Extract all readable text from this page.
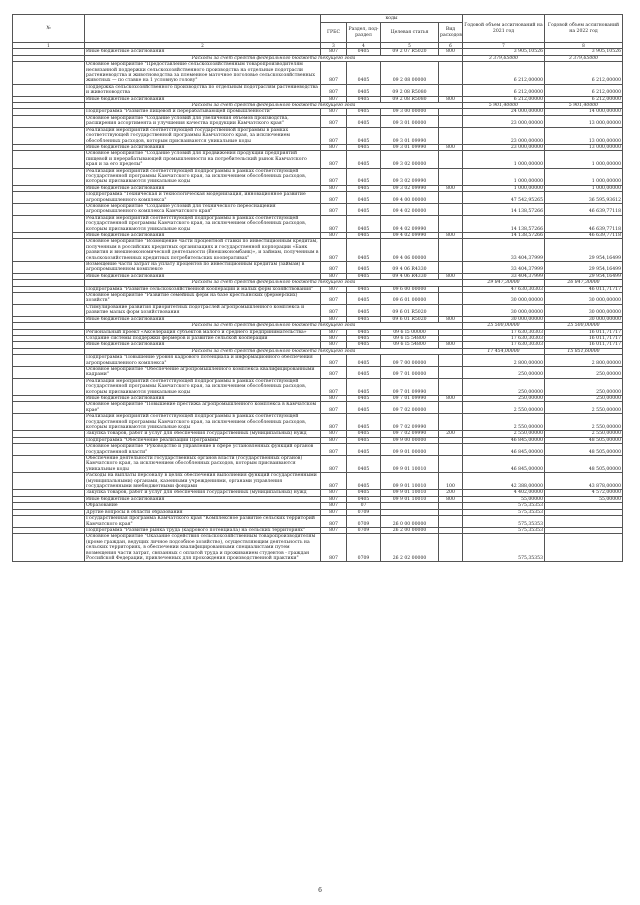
№		коды				Годовой объем ассигнований на 2021 год	Годовой объем ассигнований на 2022 год
		ГРБС	Раздел, под-раздел	Целевая статья	Вид расходов		
1	2	3	4	5	6	7	8
	Иные бюджетные ассигнования	807	0405	09 2 07 R5020	800	3 905,10526	3 905,10526
	Расходы за счет средств федерального бюджета текущего года					3 379,65000	3 379,65000
	Основное мероприятие "Предоставление сельскохозяйственным товаропроизводителям несвязанной поддержки сельскохозяйственного производства на отдельные подотрасли растениеводства и животноводства за племенное маточное поголовье сельскохозяйственных животных — по ставке на 1 условную голову"	807	0405	09 2 08 00000		6 212,00000	6 212,00000
	Поддержка сельскохозяйственного производства по отдельным подотраслям растениеводства и животноводства	807	0405	09 2 08 R5080		6 212,00000	6 212,00000
	Иные бюджетные ассигнования	807	0405	09 2 08 R5080	800	6 212,00000	6 212,00000
	Расходы за счет средств федерального бюджета текущего года					5 901,40000	5 901,40000
	Подпрограмма "Развитие пищевой и перерабатывающей промышленности"	807	0405	09 3 00 00000		24 000,00000	14 000,00000
	Основное мероприятие "Создание условий для увеличения объемов производства, расширения ассортимента и улучшения качества продукции Камчатского края"	807	0405	09 3 01 00000		23 000,00000	13 000,00000
	Реализация мероприятий соответствующей государственной программы в рамках соответствующей государственной программы Камчатского края, за исключением обособленных расходов, которым присваиваются уникальные коды	807	0405	09 3 01 09990		23 000,00000	13 000,00000
	Иные бюджетные ассигнования	807	0405	09 3 01 09990	800	23 000,00000	13 000,00000
	Основное мероприятие "Создание условий для продвижения продукции предприятий пищевой и перерабатывающей промышленности на потребительский рынок Камчатского края и за его пределы"	807	0405	09 3 02 00000		1 000,00000	1 000,00000
	Реализация мероприятий соответствующей подпрограммы в рамках соответствующей государственной программы Камчатского края, за исключением обособленных расходов, которым присваиваются уникальные коды	807	0405	09 3 02 09990		1 000,00000	1 000,00000
	Иные бюджетные ассигнования	807	0405	09 3 02 09990	800	1 000,00000	1 000,00000
	Подпрограмма "Техническая и технологическая модернизация, инновационное развитие агропромышленного комплекса"	807	0405	09 4 00 00000		47 542,95265	36 595,93612
	Основное мероприятие "Создание условий для технического переоснащения агропромышленного комплекса Камчатского края"	807	0405	09 4 02 00000		14 138,57266	46 639,77118
	Реализация мероприятий соответствующей подпрограммы в рамках соответствующей государственной программы Камчатского края, за исключением обособленных расходов, которым присваиваются уникальные коды	807	0405	09 4 02 09990		14 138,57266	46 639,77118
	Иные бюджетные ассигнования	807	0405	09 4 02 09990	800	14 138,57266	46 639,77118
	Основное мероприятие "Возмещение части процентной ставки по инвестиционным кредитам, полученным в российских кредитных организациях и государственной корпорации «Банк развития и внешнеэкономической деятельности (Внешэкономбанк)», и займам, полученным в сельскохозяйственных кредитных потребительских кооперативах"	807	0405	09 4 06 00000		33 404,37999	29 954,16499
	Возмещение части затрат на уплату процентов по инвестиционным кредитам (займам) в агропромышленном комплексе	807	0405	09 4 06 R4330		33 404,37999	29 954,16499
	Иные бюджетные ассигнования	807	0405	09 4 06 R4330	800	33 404,37999	29 954,16499
	Расходы за счет средств федерального бюджета текущего года					29 847,30000	26 847,30000
	Подпрограмма "Развитие сельскохозяйственной кооперации и малых форм хозяйствования"	807	0405	09 6 00 00000		47 630,30303	46 011,71717
	Основное мероприятие "Развитие семейных ферм на базе крестьянских (фермерских) хозяйств"	807	0405	09 6 01 00000		30 000,00000	30 000,00000
	Стимулирование развития приоритетных подотраслей агропромышленного комплекса и развитие малых форм хозяйствования	807	0405	09 6 01 R5020		30 000,00000	30 000,00000
	Иные бюджетные ассигнования	807	0405	09 6 01 R5020	800	30 000,00000	30 000,00000
	Расходы за счет средств федерального бюджета текущего года					25 500,00000	25 500,00000
	Региональный проект «Акселерация субъектов малого и среднего предпринимательства»	807	0405	09 6 I5 00000		17 630,30303	16 011,71717
	Создание системы поддержки фермеров и развитие сельской кооперации	807	0405	09 6 I5 54800		17 630,30303	16 011,71717
	Иные бюджетные ассигнования	807	0405	09 6 I5 54800	800	17 630,30303	16 011,71717
	Расходы за счет средств федерального бюджета текущего года					17 454,00000	15 851,60000
	Подпрограмма "Повышение уровня кадрового потенциала и информационного обеспечения агропромышленного комплекса"	807	0405	09 7 00 00000		2 800,00000	2 800,00000
	Основное мероприятие "Обеспечение агропромышленного комплекса квалифицированными кадрами"	807	0405	09 7 01 00000		250,00000	250,00000
	Реализация мероприятий соответствующей подпрограммы в рамках соответствующей государственной программы Камчатского края, за исключением обособленных расходов, которым присваиваются уникальные коды	807	0405	09 7 01 09990		250,00000	250,00000
	Иные бюджетные ассигнования	807	0405	09 7 01 09990	800	250,00000	250,00000
	Основное мероприятие "Повышение престижа агропромышленного комплекса в Камчатском крае"	807	0405	09 7 02 00000		2 550,00000	2 550,00000
	Реализация мероприятий соответствующей подпрограммы в рамках соответствующей государственной программы Камчатского края, за исключением обособленных расходов, которым присваиваются уникальные коды	807	0405	09 7 02 09990		2 550,00000	2 550,00000
	Закупка товаров, работ и услуг для обеспечения государственных (муниципальных) нужд	807	0405	09 7 02 09990	200	2 550,00000	2 550,00000
	Подпрограмма "Обеспечение реализации Программы"	807	0405	09 9 00 00000		46 845,00000	48 505,00000
	Основное мероприятие "Руководство и управление в сфере установленных функций органов государственной власти"	807	0405	09 9 01 00000		46 845,00000	48 505,00000
	Обеспечение деятельности государственных органов власти (государственных органов) Камчатского края, за исключением обособленных расходов, которым присваиваются уникальные коды	807	0405	09 9 01 10010		46 845,00000	48 505,00000
	Расходы на выплаты персоналу в целях обеспечения выполнения функций государственными (муниципальными) органами, казенными учреждениями, органами управления государственными внебюджетными фондами	807	0405	09 9 01 10010	100	42 388,00000	43 878,00000
	Закупка товаров, работ и услуг для обеспечения государственных (муниципальных) нужд	807	0405	09 9 01 10010	200	4 402,00000	4 572,00000
	Иные бюджетные ассигнования	807	0405	09 9 01 10010	800	55,00000	55,00000
	Образование	807	07			575,35353	
	Другие вопросы в области образования	807	0709			575,35353	
	Государственная программа Камчатского края "Комплексное развитие сельских территорий Камчатского края"	807	0709	26 0 00 00000		575,35353	
	Подпрограмма "Развитие рынка труда (кадрового потенциала) на сельских территориях"	807	0709	26 2 00 00000		575,35353	
	Основное мероприятие "Оказание содействия сельскохозяйственным товаропроизводителям (кроме граждан, ведущих личное подсобное хозяйство), осуществляющим деятельность на сельских территориях, в обеспечении квалифицированными специалистами путем возмещения части затрат, связанных с оплатой труда и проживанием студентов - граждан Российской Федерации, привлеченных для прохождения производственной практики"	807	0709	26 2 02 00000		575,35353	
6
